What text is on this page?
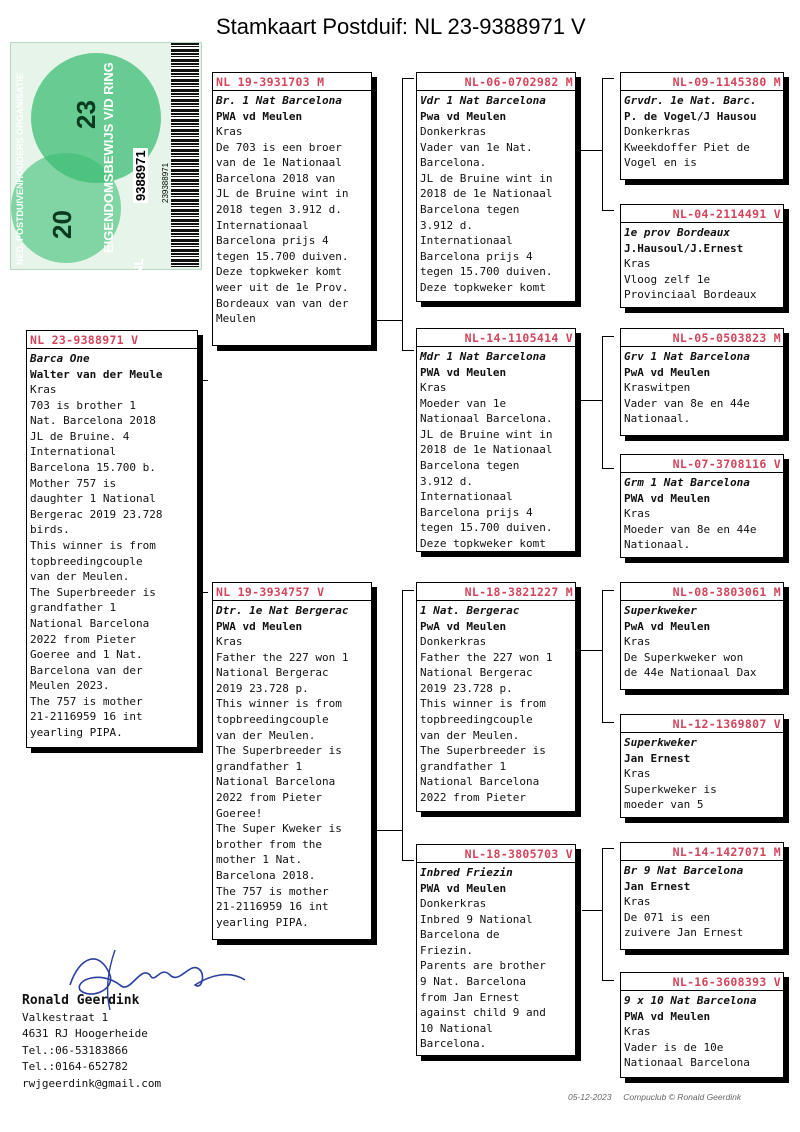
Stamkaart Postduif: NL 23-9388971 V
NED. POSTDUIVENHOUDERS ORGANISATIE	EIGENDOMSBEWIJS V/D RING
20
23
NL
9388971 239388971
NL 23-9388971 V
Barca One
Walter van der Meule
Kras
703 is brother 1
Nat. Barcelona 2018
JL de Bruine. 4
International
Barcelona 15.700 b.
Mother 757 is
daughter 1 National
Bergerac 2019 23.728
birds.
This winner is from
topbreedingcouple
van der Meulen.
The Superbreeder is
grandfather 1
National Barcelona
2022 from Pieter
Goeree and 1 Nat.
Barcelona van der
Meulen 2023.
The 757 is mother
21-2116959 16 int
yearling PIPA.
NL 19-3931703 M
Br. 1 Nat Barcelona
PWA vd Meulen
Kras
De 703 is een broer
van de 1e Nationaal
Barcelona 2018 van
JL de Bruine wint in
2018 tegen 3.912 d.
Internationaal
Barcelona prijs 4
tegen 15.700 duiven.
Deze topkweker komt
weer uit de 1e Prov.
Bordeaux van van der
Meulen
NL 19-3934757 V
Dtr. 1e Nat Bergerac
PWA vd Meulen
Kras
Father the 227 won 1
National Bergerac
2019 23.728 p.
This winner is from
topbreedingcouple
van der Meulen.
The Superbreeder is
grandfather 1
National Barcelona
2022 from Pieter
Goeree!
The Super Kweker is
brother from the
mother 1 Nat.
Barcelona 2018.
The 757 is mother
21-2116959 16 int
yearling PIPA.
NL-06-0702982 M
Vdr 1 Nat Barcelona
Pwa vd Meulen
Donkerkras
Vader van 1e Nat.
Barcelona.
JL de Bruine wint in
2018 de 1e Nationaal
Barcelona tegen
3.912 d.
Internationaal
Barcelona prijs 4
tegen 15.700 duiven.
Deze topkweker komt
NL-14-1105414 V
Mdr 1 Nat Barcelona
PWA vd Meulen
Kras
Moeder van 1e
Nationaal Barcelona.
JL de Bruine wint in
2018 de 1e Nationaal
Barcelona tegen
3.912 d.
Internationaal
Barcelona prijs 4
tegen 15.700 duiven.
Deze topkweker komt
NL-18-3821227 M
1 Nat. Bergerac
PwA vd Meulen
Donkerkras
Father the 227 won 1
National Bergerac
2019 23.728 p.
This winner is from
topbreedingcouple
van der Meulen.
The Superbreeder is
grandfather 1
National Barcelona
2022 from Pieter
NL-18-3805703 V
Inbred Friezin
PWA vd Meulen
Donkerkras
Inbred 9 National
Barcelona de
Friezin.
Parents are brother
9 Nat. Barcelona
from Jan Ernest
against child 9 and
10 National
Barcelona.
NL-09-1145380 M
Grvdr. 1e Nat. Barc.
P. de Vogel/J Hausou
Donkerkras
Kweekdoffer Piet de
Vogel en is
NL-04-2114491 V
1e prov Bordeaux
J.Hausoul/J.Ernest
Kras
Vloog zelf 1e
Provinciaal Bordeaux
NL-05-0503823 M
Grv 1 Nat Barcelona
PwA vd Meulen
Kraswitpen
Vader van 8e en 44e
Nationaal.
NL-07-3708116 V
Grm 1 Nat Barcelona
PWA vd Meulen
Kras
Moeder van 8e en 44e
Nationaal.
NL-08-3803061 M
Superkweker
PwA vd Meulen
Kras
De Superkweker won
de 44e Nationaal Dax
NL-12-1369807 V
Superkweker
Jan Ernest
Kras
Superkweker is
moeder van 5
NL-14-1427071 M
Br 9 Nat Barcelona
Jan Ernest
Kras
De 071 is een
zuivere Jan Ernest
NL-16-3608393 V
9 x 10 Nat Barcelona
PWA vd Meulen
Kras
Vader is de 10e
Nationaal Barcelona
Ronald Geerdink
Valkestraat 1
4631 RJ Hoogerheide
Tel.:06-53183866
Tel.:0164-652782
rwjgeerdink@gmail.com
05-12-2023 Compuclub © Ronald Geerdink
